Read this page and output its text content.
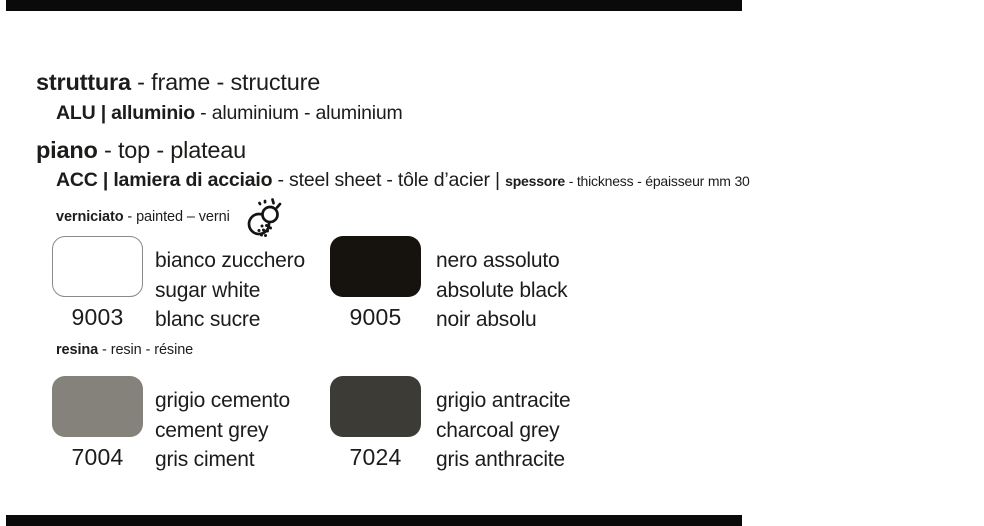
struttura - frame - structure
ALU | alluminio - aluminium - aluminium
piano - top - plateau
ACC | lamiera di acciaio - steel sheet - tôle d’acier | spessore - thickness - épaisseur mm 30
verniciato - painted – verni
9003
bianco zucchero
sugar white
blanc sucre	9005
nero assoluto
absolute black
noir absolu
resina - resin - résine
7004
grigio cemento
cement grey
gris ciment	7024
grigio antracite
charcoal grey
gris anthracite
